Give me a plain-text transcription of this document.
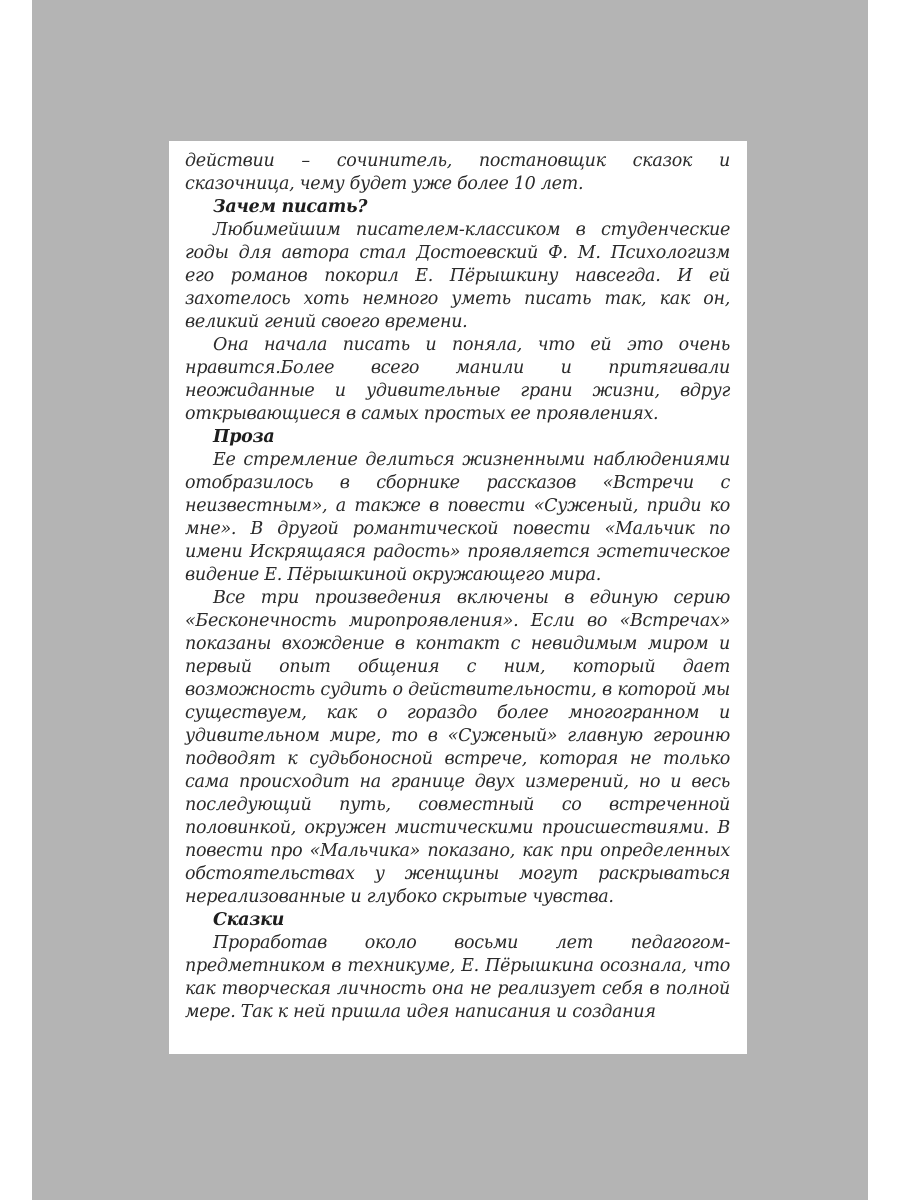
действии – сочинитель, постановщик сказок и сказочница, чему будет уже более 10 лет.

Зачем писать?

Любимейшим писателем-классиком в студенческие годы для автора стал Достоевский Ф. М. Психологизм его романов покорил Е. Пёрышкину навсегда. И ей захотелось хоть немного уметь писать так, как он, великий гений своего времени.

Она начала писать и поняла, что ей это очень нравится.Более всего манили и притягивали неожиданные и удивительные грани жизни, вдруг открывающиеся в самых простых ее проявлениях.

Проза

Ее стремление делиться жизненными наблюдениями отобразилось в сборнике рассказов «Встречи с неизвестным», а также в повести «Суженый, приди ко мне». В другой романтической повести «Мальчик по имени Искрящаяся радость» проявляется эстетическое видение Е. Пёрышкиной окружающего мира.

Все три произведения включены в единую серию «Бесконечность миропроявления». Если во «Встречах» показаны вхождение в контакт с невидимым миром и первый опыт общения с ним, который дает возможность судить о действительности, в которой мы существуем, как о гораздо более многогранном и удивительном мире, то в «Суженый» главную героиню подводят к судьбоносной встрече, которая не только сама происходит на границе двух измерений, но и весь последующий путь, совместный со встреченной половинкой, окружен мистическими происшествиями. В повести про «Мальчика» показано, как при определенных обстоятельствах у женщины могут раскрываться нереализованные и глубоко скрытые чувства.

Сказки

Проработав около восьми лет педагогом-предметником в техникуме, Е. Пёрышкина осознала, что как творческая личность она не реализует себя в полной мере. Так к ней пришла идея написания и создания
